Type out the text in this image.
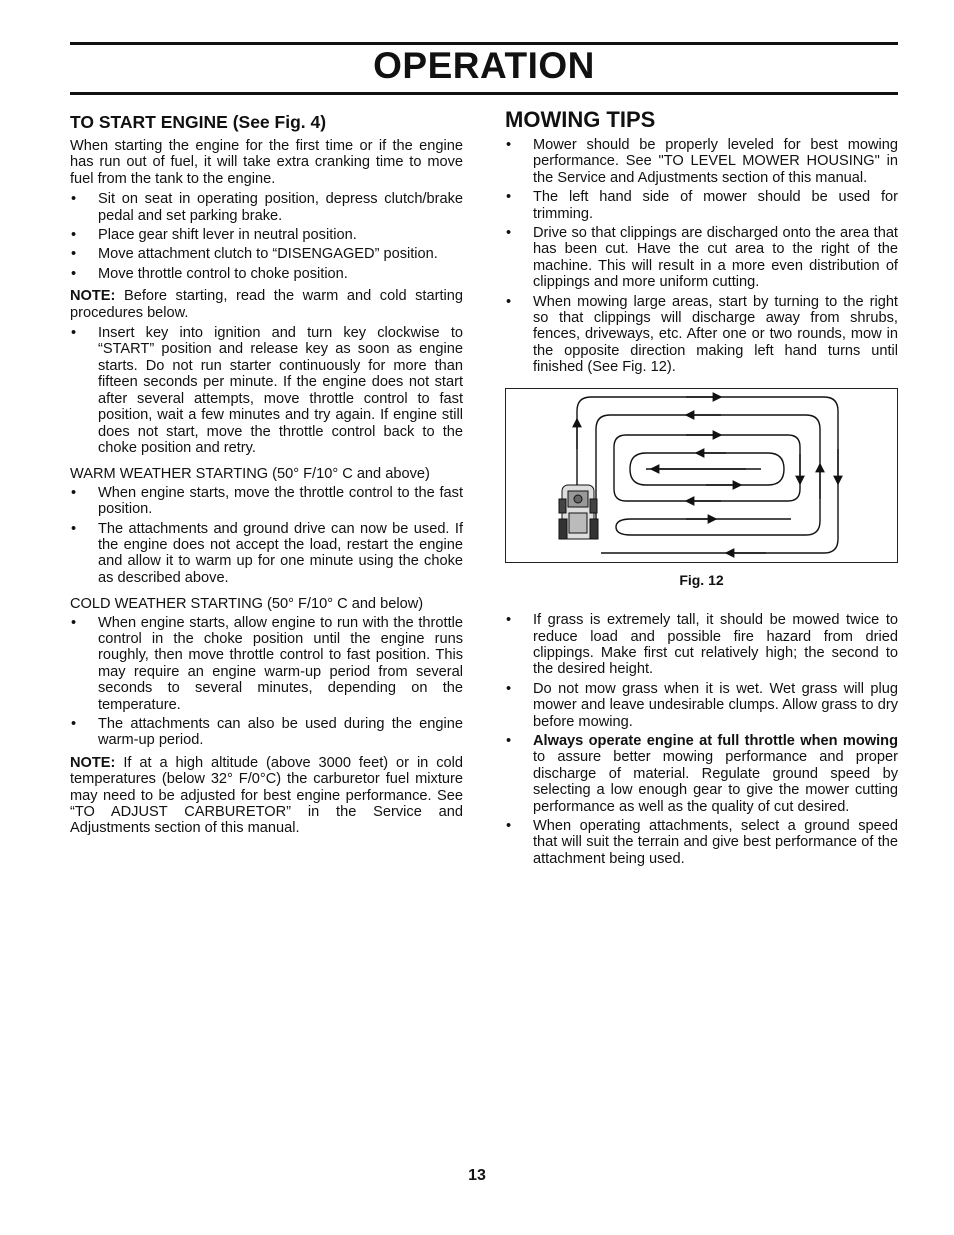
OPERATION
TO START ENGINE (See Fig. 4)

When starting the engine for the first time or if the engine has run out of fuel, it will take extra cranking time to move fuel from the tank to the engine.

• Sit on seat in operating position, depress clutch/brake pedal and set parking brake.
• Place gear shift lever in neutral position.
• Move attachment clutch to “DISENGAGED” position.
• Move throttle control to choke position.

NOTE: Before starting, read the warm and cold starting procedures below.

• Insert key into ignition and turn key clockwise to “START” position and release key as soon as engine starts. Do not run starter continuously for more than fifteen seconds per minute. If the engine does not start after several attempts, move throttle control to fast position, wait a few minutes and try again. If engine still does not start, move the throttle control back to the choke position and retry.

WARM WEATHER STARTING (50° F/10° C and above)

• When engine starts, move the throttle control to the fast position.
• The attachments and ground drive can now be used. If the engine does not accept the load, restart the engine and allow it to warm up for one minute using the choke as described above.

COLD WEATHER STARTING (50° F/10° C and below)

• When engine starts, allow engine to run with the throttle control in the choke position until the engine runs roughly, then move throttle control to fast position. This may require an engine warm-up period from several seconds to several minutes, depending on the temperature.
• The attachments can also be used during the engine warm-up period.

NOTE: If at a high altitude (above 3000 feet) or in cold temperatures (below 32° F/0°C) the carburetor fuel mixture may need to be adjusted for best engine performance. See “TO ADJUST CARBURETOR” in the Service and Adjustments section of this manual.

MOWING TIPS
• Mower should be properly leveled for best mowing performance. See "TO LEVEL MOWER HOUSING" in the Service and Adjustments section of this manual.
• The left hand side of mower should be used for trimming.
• Drive so that clippings are discharged onto the area that has been cut. Have the cut area to the right of the machine. This will result in a more even distribution of clippings and more uniform cutting.
• When mowing large areas, start by turning to the right so that clippings will discharge away from shrubs, fences, driveways, etc. After one or two rounds, mow in the opposite direction making left hand turns until finished (See Fig. 12).
Fig. 12
• If grass is extremely tall, it should be mowed twice to reduce load and possible fire hazard from dried clippings. Make first cut relatively high; the second to the desired height.
• Do not mow grass when it is wet. Wet grass will plug mower and leave undesirable clumps. Allow grass to dry before mowing.
• Always operate engine at full throttle when mowing to assure better mowing performance and proper discharge of material. Regulate ground speed by selecting a low enough gear to give the mower cutting performance as well as the quality of cut desired.
• When operating attachments, select a ground speed that will suit the terrain and give best performance of the attachment being used.
13
